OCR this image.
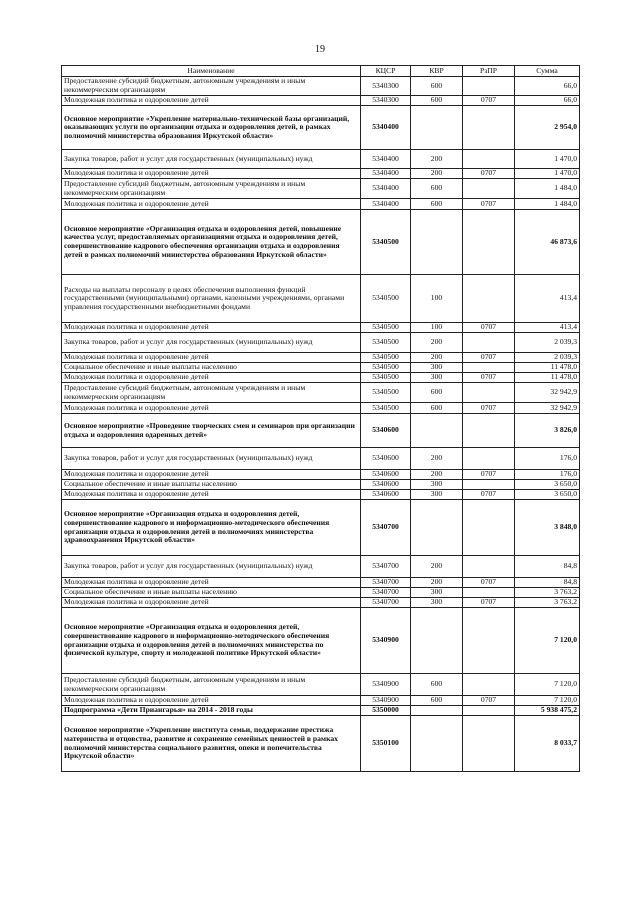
19
Наименование	КЦСР	КВР	РзПР	Сумма
Предоставление субсидий бюджетным, автономным учреждениям и иным некоммерческим организациям	5340300	600		66,0
Молодежная политика и оздоровление детей	5340300	600	0707	66,0
Основное мероприятие «Укрепление материально-технической базы организаций, оказывающих услуги по организации отдыха и оздоровления детей, в рамках полномочий министерства образования Иркутской области»	5340400			2 954,0
Закупка товаров, работ и услуг для государственных (муниципальных) нужд	5340400	200		1 470,0
Молодежная политика и оздоровление детей	5340400	200	0707	1 470,0
Предоставление субсидий бюджетным, автономным учреждениям и иным некоммерческим организациям	5340400	600		1 484,0
Молодежная политика и оздоровление детей	5340400	600	0707	1 484,0
Основное мероприятие «Организация отдыха и оздоровления детей, повышение качества услуг, предоставляемых организациями отдыха и оздоровления детей, совершенствование кадрового обеспечения организации отдыха и оздоровления детей в рамках полномочий министерства образования Иркутской области»	5340500			46 873,6
Расходы на выплаты персоналу в целях обеспечения выполнения функций государственными (муниципальными) органами, казенными учреждениями, органами управления государственными внебюджетными фондами	5340500	100		413,4
Молодежная политика и оздоровление детей	5340500	100	0707	413,4
Закупка товаров, работ и услуг для государственных (муниципальных) нужд	5340500	200		2 039,3
Молодежная политика и оздоровление детей	5340500	200	0707	2 039,3
Социальное обеспечение и иные выплаты населению	5340500	300		11 478,0
Молодежная политика и оздоровление детей	5340500	300	0707	11 478,0
Предоставление субсидий бюджетным, автономным учреждениям и иным некоммерческим организациям	5340500	600		32 942,9
Молодежная политика и оздоровление детей	5340500	600	0707	32 942,9
Основное мероприятие «Проведение творческих смен и семинаров при организации отдыха и оздоровления одаренных детей»	5340600			3 826,0
Закупка товаров, работ и услуг для государственных (муниципальных) нужд	5340600	200		176,0
Молодежная политика и оздоровление детей	5340600	200	0707	176,0
Социальное обеспечение и иные выплаты населению	5340600	300		3 650,0
Молодежная политика и оздоровление детей	5340600	300	0707	3 650,0
Основное мероприятие «Организация отдыха и оздоровления детей, совершенствование кадрового и информационно-методического обеспечения организации отдыха и оздоровления детей в полномочиях министерства здравоохранения Иркутской области»	5340700			3 848,0
Закупка товаров, работ и услуг для государственных (муниципальных) нужд	5340700	200		84,8
Молодежная политика и оздоровление детей	5340700	200	0707	84,8
Социальное обеспечение и иные выплаты населению	5340700	300		3 763,2
Молодежная политика и оздоровление детей	5340700	300	0707	3 763,2
Основное мероприятие «Организация отдыха и оздоровления детей, совершенствование кадрового и информационно-методического обеспечения организации отдыха и оздоровления детей в полномочиях министерства по физической культуре, спорту и молодежной политике Иркутской области»	5340900			7 120,0
Предоставление субсидий бюджетным, автономным учреждениям и иным некоммерческим организациям	5340900	600		7 120,0
Молодежная политика и оздоровление детей	5340900	600	0707	7 120,0
Подпрограмма «Дети Приангарья» на 2014 - 2018 годы	5350000			5 938 475,2
Основное мероприятие «Укрепление института семьи, поддержание престижа материнства и отцовства, развитие и сохранение семейных ценностей в рамках полномочий министерства социального развития, опеки и попечительства Иркутской области»	5350100			8 033,7
